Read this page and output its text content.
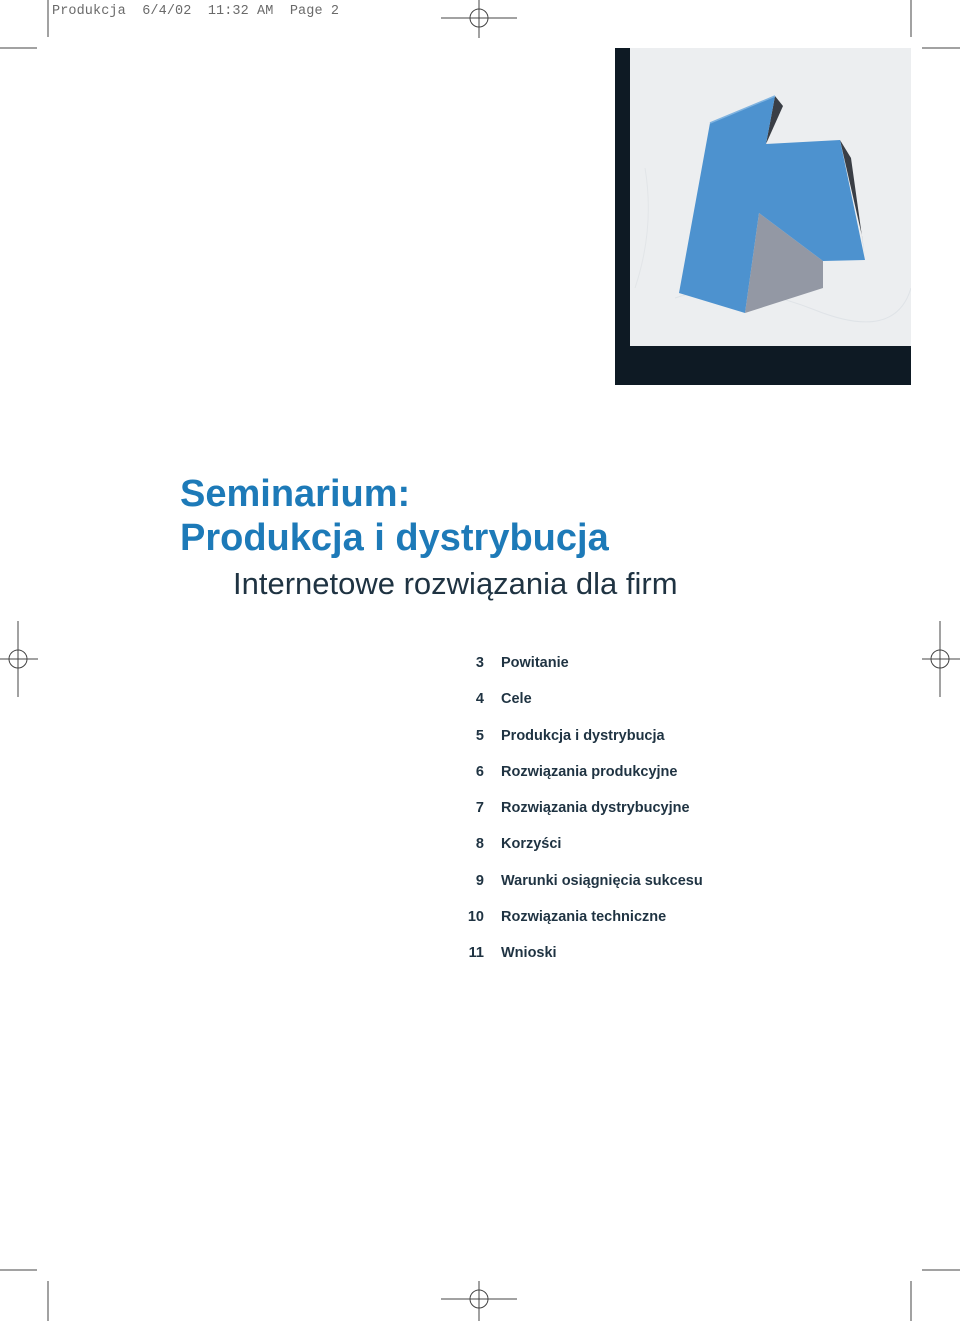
Produkcja  6/4/02  11:32 AM  Page 2
Seminarium:
Produkcja i dystrybucja
Internetowe rozwiązania dla firm
3 Powitanie
4 Cele
5 Produkcja i dystrybucja
6 Rozwiązania produkcyjne
7 Rozwiązania dystrybucyjne
8 Korzyści
9 Warunki osiągnięcia sukcesu
10 Rozwiązania techniczne
11 Wnioski
